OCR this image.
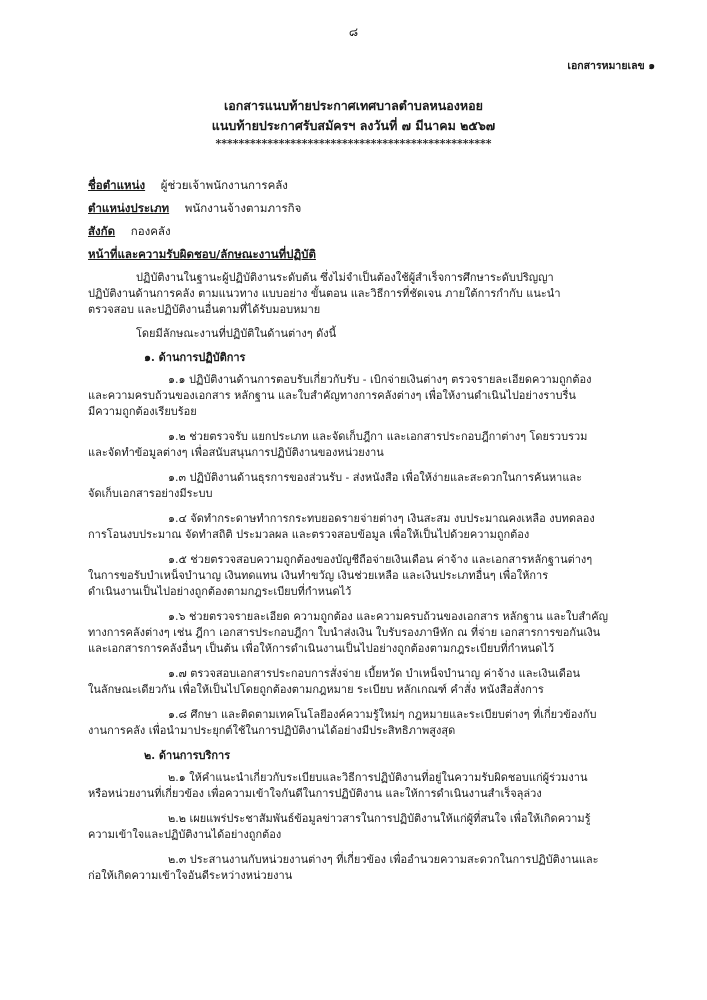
๘
เอกสารหมายเลข ๑
เอกสารแนบท้ายประกาศเทศบาลตำบลหนองหอย
แนบท้ายประกาศรับสมัครฯ ลงวันที่ ๗ มีนาคม ๒๕๖๗
************************************************
ชื่อตำแหน่ง ผู้ช่วยเจ้าพนักงานการคลัง
ตำแหน่งประเภท พนักงานจ้างตามภารกิจ
สังกัด กองคลัง
หน้าที่และความรับผิดชอบ/ลักษณะงานที่ปฏิบัติ
ปฏิบัติงานในฐานะผู้ปฏิบัติงานระดับต้น ซึ่งไม่จำเป็นต้องใช้ผู้สำเร็จการศึกษาระดับปริญญา
ปฏิบัติงานด้านการคลัง ตามแนวทาง แบบอย่าง ขั้นตอน และวิธีการที่ชัดเจน ภายใต้การกำกับ แนะนำ
ตรวจสอบ และปฏิบัติงานอื่นตามที่ได้รับมอบหมาย
โดยมีลักษณะงานที่ปฏิบัติในด้านต่างๆ ดังนี้
๑. ด้านการปฏิบัติการ
๑.๑ ปฏิบัติงานด้านการตอบรับเกี่ยวกับรับ - เบิกจ่ายเงินต่างๆ ตรวจรายละเอียดความถูกต้อง
และความครบถ้วนของเอกสาร หลักฐาน และใบสำคัญทางการคลังต่างๆ เพื่อให้งานดำเนินไปอย่างราบรื่น
มีความถูกต้องเรียบร้อย
๑.๒ ช่วยตรวจรับ แยกประเภท และจัดเก็บฎีกา และเอกสารประกอบฎีกาต่างๆ โดยรวบรวม
และจัดทำข้อมูลต่างๆ เพื่อสนับสนุนการปฏิบัติงานของหน่วยงาน
๑.๓ ปฏิบัติงานด้านธุรการของส่วนรับ - ส่งหนังสือ เพื่อให้ง่ายและสะดวกในการค้นหาและ
จัดเก็บเอกสารอย่างมีระบบ
๑.๔ จัดทำกระดาษทำการกระทบยอดรายจ่ายต่างๆ เงินสะสม งบประมาณคงเหลือ งบทดลอง
การโอนงบประมาณ จัดทำสถิติ ประมวลผล และตรวจสอบข้อมูล เพื่อให้เป็นไปด้วยความถูกต้อง
๑.๕ ช่วยตรวจสอบความถูกต้องของบัญชีถือจ่ายเงินเดือน ค่าจ้าง และเอกสารหลักฐานต่างๆ
ในการขอรับบำเหน็จบำนาญ เงินทดแทน เงินทำขวัญ เงินช่วยเหลือ และเงินประเภทอื่นๆ เพื่อให้การ
ดำเนินงานเป็นไปอย่างถูกต้องตามกฎระเบียบที่กำหนดไว้
๑.๖ ช่วยตรวจรายละเอียด ความถูกต้อง และความครบถ้วนของเอกสาร หลักฐาน และใบสำคัญ
ทางการคลังต่างๆ เช่น ฎีกา เอกสารประกอบฎีกา ใบนำส่งเงิน ใบรับรองภาษีหัก ณ ที่จ่าย เอกสารการขอกันเงิน
และเอกสารการคลังอื่นๆ เป็นต้น เพื่อให้การดำเนินงานเป็นไปอย่างถูกต้องตามกฎระเบียบที่กำหนดไว้
๑.๗ ตรวจสอบเอกสารประกอบการสั่งจ่าย เบี้ยหวัด บำเหน็จบำนาญ ค่าจ้าง และเงินเดือน
ในลักษณะเดียวกัน เพื่อให้เป็นไปโดยถูกต้องตามกฎหมาย ระเบียบ หลักเกณฑ์ คำสั่ง หนังสือสั่งการ
๑.๘ ศึกษา และติดตามเทคโนโลยีองค์ความรู้ใหม่ๆ กฎหมายและระเบียบต่างๆ ที่เกี่ยวข้องกับ
งานการคลัง เพื่อนำมาประยุกต์ใช้ในการปฏิบัติงานได้อย่างมีประสิทธิภาพสูงสุด
๒. ด้านการบริการ
๒.๑ ให้คำแนะนำเกี่ยวกับระเบียบและวิธีการปฏิบัติงานที่อยู่ในความรับผิดชอบแก่ผู้ร่วมงาน
หรือหน่วยงานที่เกี่ยวข้อง เพื่อความเข้าใจกันดีในการปฏิบัติงาน และให้การดำเนินงานสำเร็จลุล่วง
๒.๒ เผยแพร่ประชาสัมพันธ์ข้อมูลข่าวสารในการปฏิบัติงานให้แก่ผู้ที่สนใจ เพื่อให้เกิดความรู้
ความเข้าใจและปฏิบัติงานได้อย่างถูกต้อง
๒.๓ ประสานงานกับหน่วยงานต่างๆ ที่เกี่ยวข้อง เพื่ออำนวยความสะดวกในการปฏิบัติงานและ
ก่อให้เกิดความเข้าใจอันดีระหว่างหน่วยงาน
